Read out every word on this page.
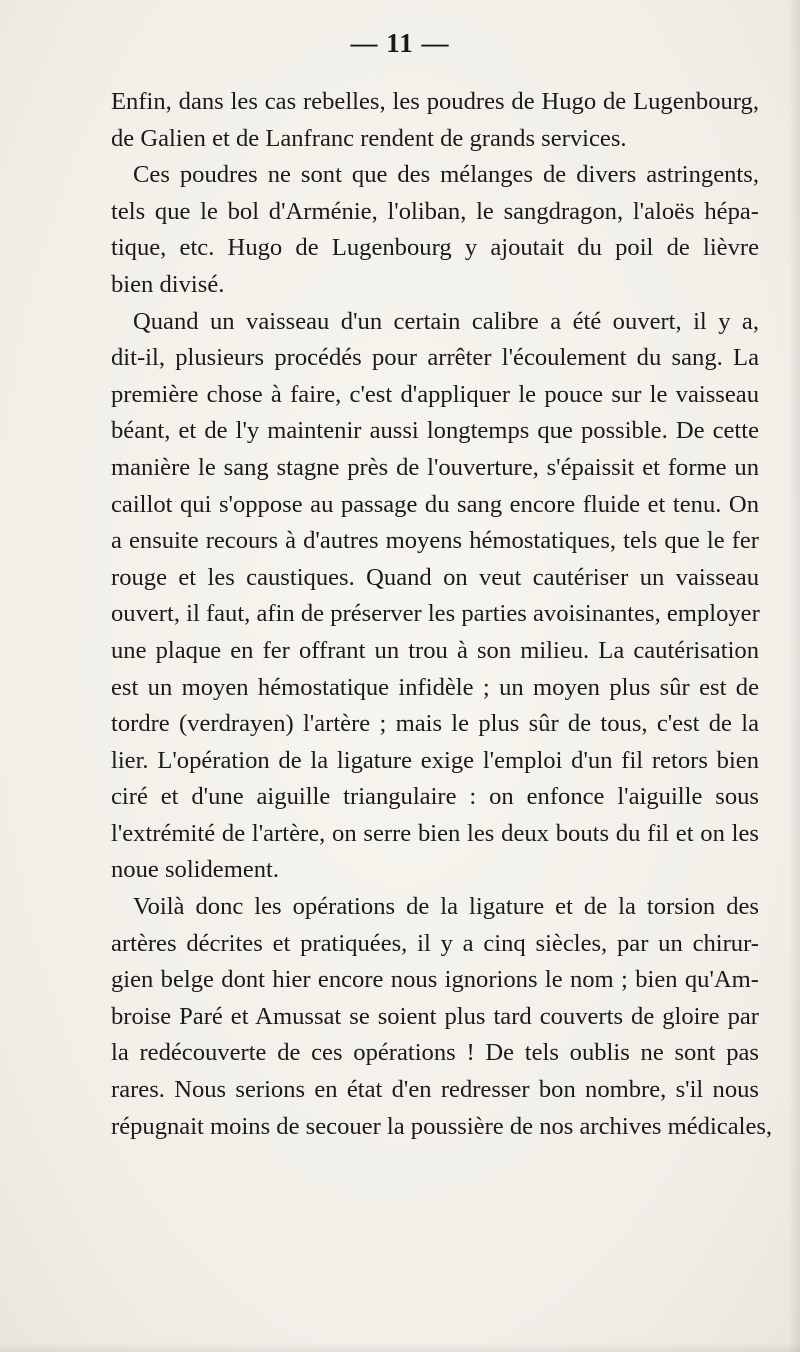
— 11 —

Enfin, dans les cas rebelles, les poudres de Hugo de Lugenbourg,
de Galien et de Lanfranc rendent de grands services.

Ces poudres ne sont que des mélanges de divers astringents,
tels que le bol d'Arménie, l'oliban, le sangdragon, l'aloës hépa-
tique, etc. Hugo de Lugenbourg y ajoutait du poil de lièvre
bien divisé.

Quand un vaisseau d'un certain calibre a été ouvert, il y a,
dit-il, plusieurs procédés pour arrêter l'écoulement du sang. La
première chose à faire, c'est d'appliquer le pouce sur le vaisseau
béant, et de l'y maintenir aussi longtemps que possible. De cette
manière le sang stagne près de l'ouverture, s'épaissit et forme un
caillot qui s'oppose au passage du sang encore fluide et tenu. On
a ensuite recours à d'autres moyens hémostatiques, tels que le fer
rouge et les caustiques. Quand on veut cautériser un vaisseau
ouvert, il faut, afin de préserver les parties avoisinantes, employer
une plaque en fer offrant un trou à son milieu. La cautérisation
est un moyen hémostatique infidèle ; un moyen plus sûr est de
tordre (verdrayen) l'artère ; mais le plus sûr de tous, c'est de la
lier. L'opération de la ligature exige l'emploi d'un fil retors bien
ciré et d'une aiguille triangulaire : on enfonce l'aiguille sous
l'extrémité de l'artère, on serre bien les deux bouts du fil et on les
noue solidement.

Voilà donc les opérations de la ligature et de la torsion des
artères décrites et pratiquées, il y a cinq siècles, par un chirur-
gien belge dont hier encore nous ignorions le nom ; bien qu'Am-
broise Paré et Amussat se soient plus tard couverts de gloire par
la redécouverte de ces opérations ! De tels oublis ne sont pas
rares. Nous serions en état d'en redresser bon nombre, s'il nous
répugnait moins de secouer la poussière de nos archives médicales,
